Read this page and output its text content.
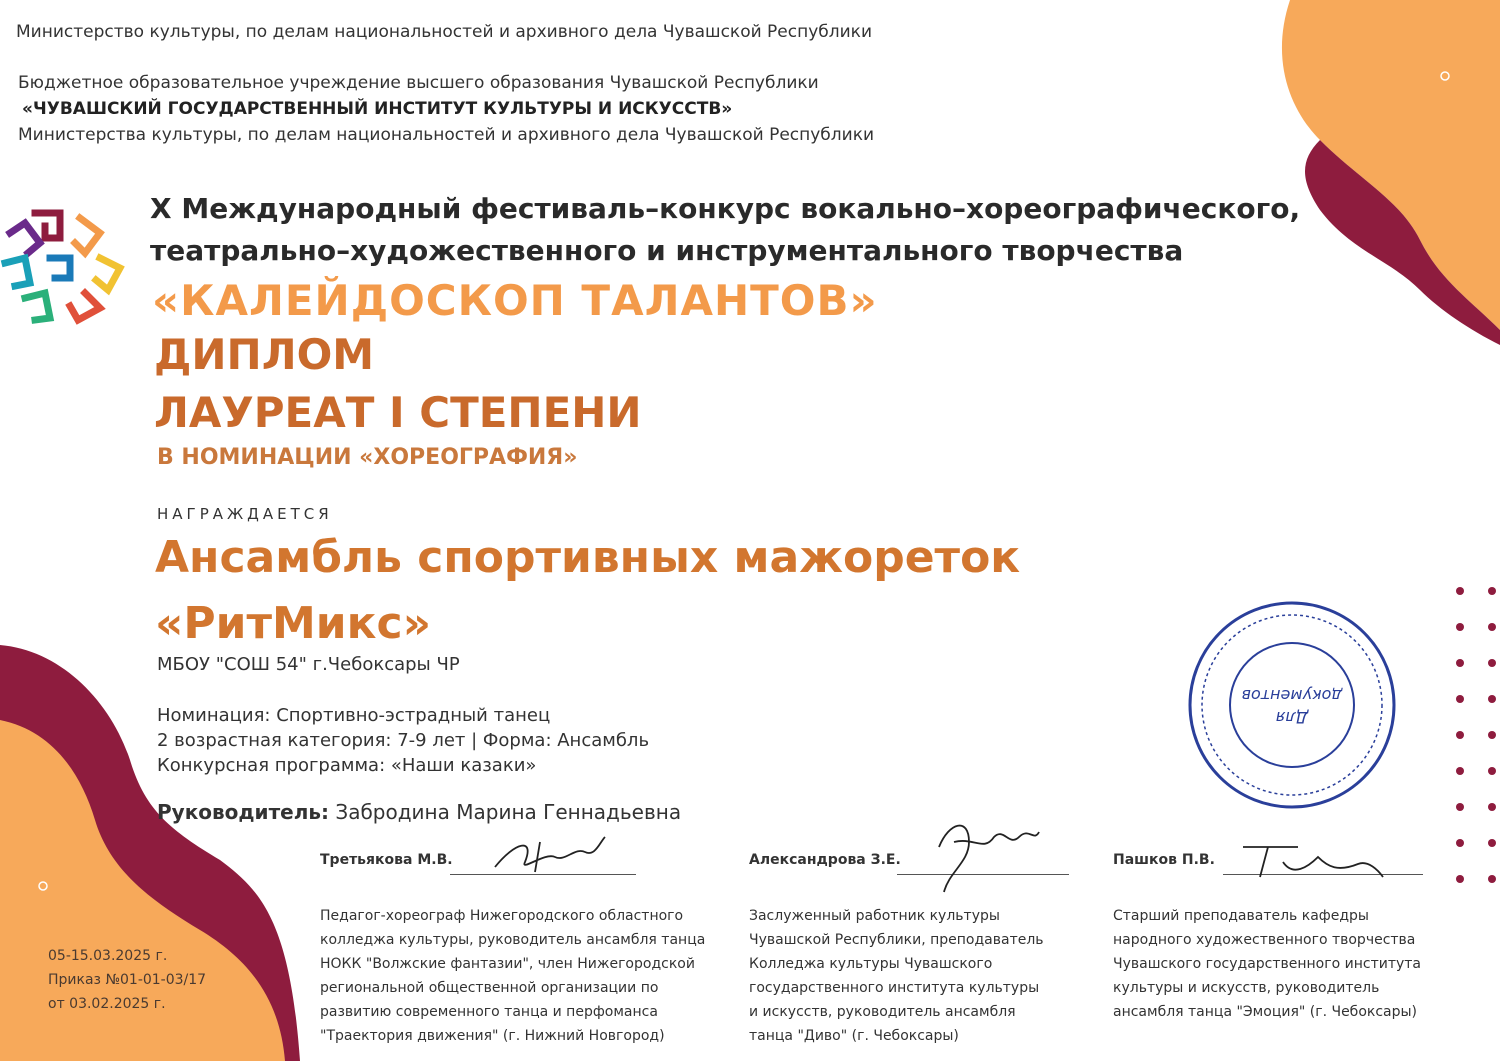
Министерство культуры, по делам национальностей и архивного дела Чувашской Республики
Бюджетное образовательное учреждение высшего образования Чувашской Республики
«ЧУВАШСКИЙ ГОСУДАРСТВЕННЫЙ ИНСТИТУТ КУЛЬТУРЫ И ИСКУССТВ»
Министерства культуры, по делам национальностей и архивного дела Чувашской Республики
X Международный фестиваль–конкурс вокально–хореографического,
театрально–художественного и инструментального творчества
«КАЛЕЙДОСКОП ТАЛАНТОВ»
ДИПЛОМ
ЛАУРЕАТ I СТЕПЕНИ
В НОМИНАЦИИ «ХОРЕОГРАФИЯ»
НАГРАЖДАЕТСЯ
Ансамбль спортивных мажореток
«РитМикс»
МБОУ "СОШ 54" г.Чебоксары ЧР
Номинация: Спортивно-эстрадный танец
2 возрастная категория: 7-9 лет | Форма: Ансамбль
Конкурсная программа: «Наши казаки»
Руководитель: Забродина Марина Геннадьевна
Третьякова М.В.
Педагог-хореограф Нижегородского областного
колледжа культуры, руководитель ансамбля танца
НОКК "Волжские фантазии", член Нижегородской
региональной общественной организации по
развитию современного танца и перфоманса
"Траектория движения" (г. Нижний Новгород)
Александрова З.Е.
Заслуженный работник культуры
Чувашской Республики, преподаватель
Колледжа культуры Чувашского
государственного института культуры
и искусств, руководитель ансамбля
танца "Диво" (г. Чебоксары)
Пашков П.В.
Старший преподаватель кафедры
народного художественного творчества
Чувашского государственного института
культуры и искусств, руководитель
ансамбля танца "Эмоция" (г. Чебоксары)
Для
документов
05-15.03.2025 г.
Приказ №01-01-03/17
от 03.02.2025 г.
